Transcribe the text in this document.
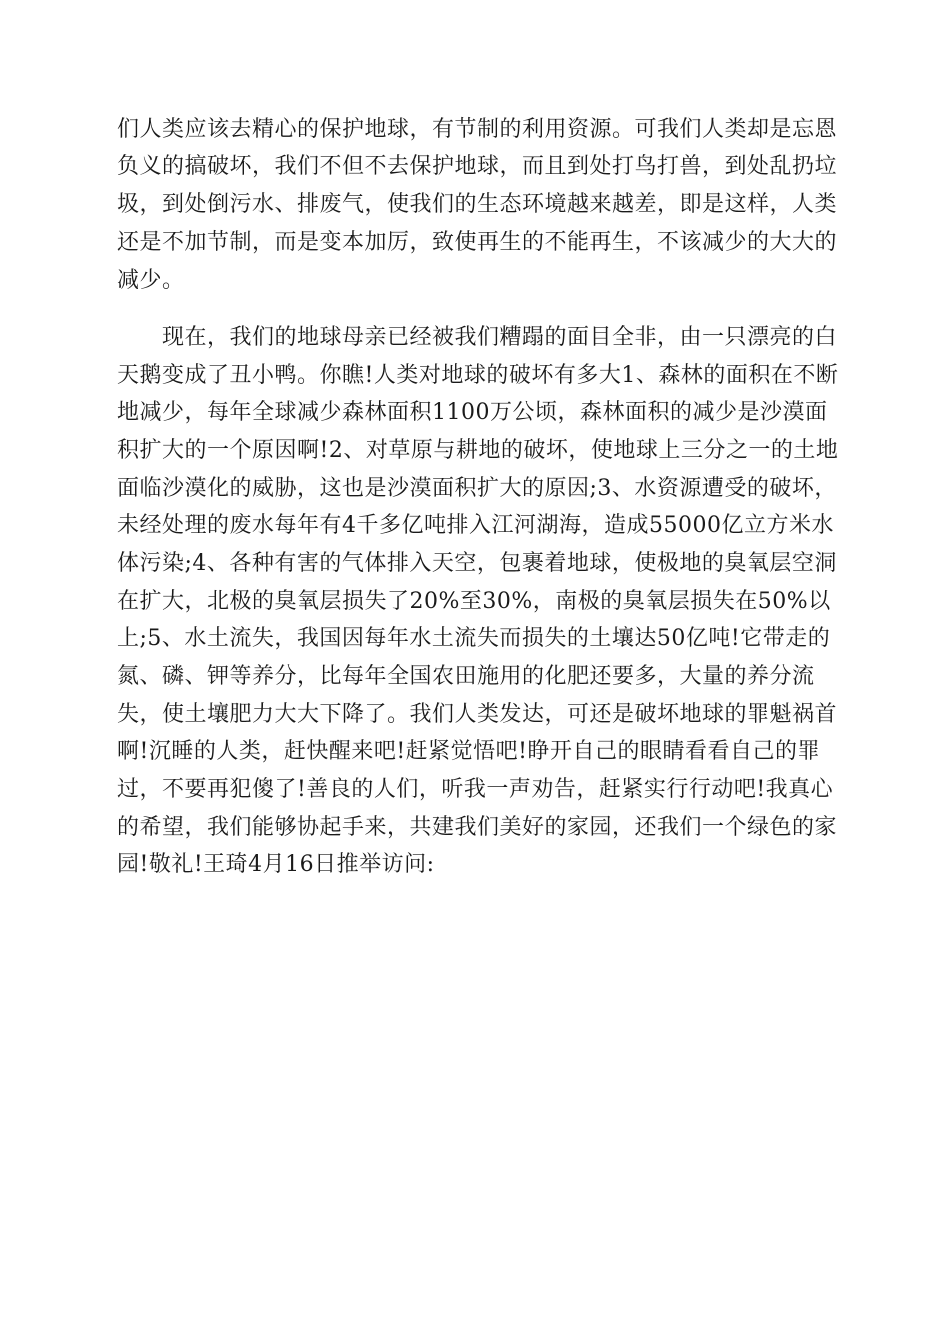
们人类应该去精心的保护地球，有节制的利用资源。可我们人类却是忘恩

负义的搞破坏，我们不但不去保护地球，而且到处打鸟打兽，到处乱扔垃

圾，到处倒污水、排废气，使我们的生态环境越来越差，即是这样，人类

还是不加节制，而是变本加厉，致使再生的不能再生，不该减少的大大的

减少。

　　现在，我们的地球母亲已经被我们糟蹋的面目全非，由一只漂亮的白

天鹅变成了丑小鸭。你瞧!人类对地球的破坏有多大1、森林的面积在不断

地减少，每年全球减少森林面积1100万公顷，森林面积的减少是沙漠面

积扩大的一个原因啊!2、对草原与耕地的破坏，使地球上三分之一的土地

面临沙漠化的威胁，这也是沙漠面积扩大的原因;3、水资源遭受的破坏，

未经处理的废水每年有4千多亿吨排入江河湖海，造成55000亿立方米水

体污染;4、各种有害的气体排入天空，包裹着地球，使极地的臭氧层空洞

在扩大，北极的臭氧层损失了20%至30%，南极的臭氧层损失在50%以

上;5、水土流失，我国因每年水土流失而损失的土壤达50亿吨!它带走的

氮、磷、钾等养分，比每年全国农田施用的化肥还要多，大量的养分流

失，使土壤肥力大大下降了。我们人类发达，可还是破坏地球的罪魁祸首

啊!沉睡的人类，赶快醒来吧!赶紧觉悟吧!睁开自己的眼睛看看自己的罪

过，不要再犯傻了!善良的人们，听我一声劝告，赶紧实行行动吧!我真心

的希望，我们能够协起手来，共建我们美好的家园，还我们一个绿色的家

园!敬礼!王琦4月16日推举访问:
